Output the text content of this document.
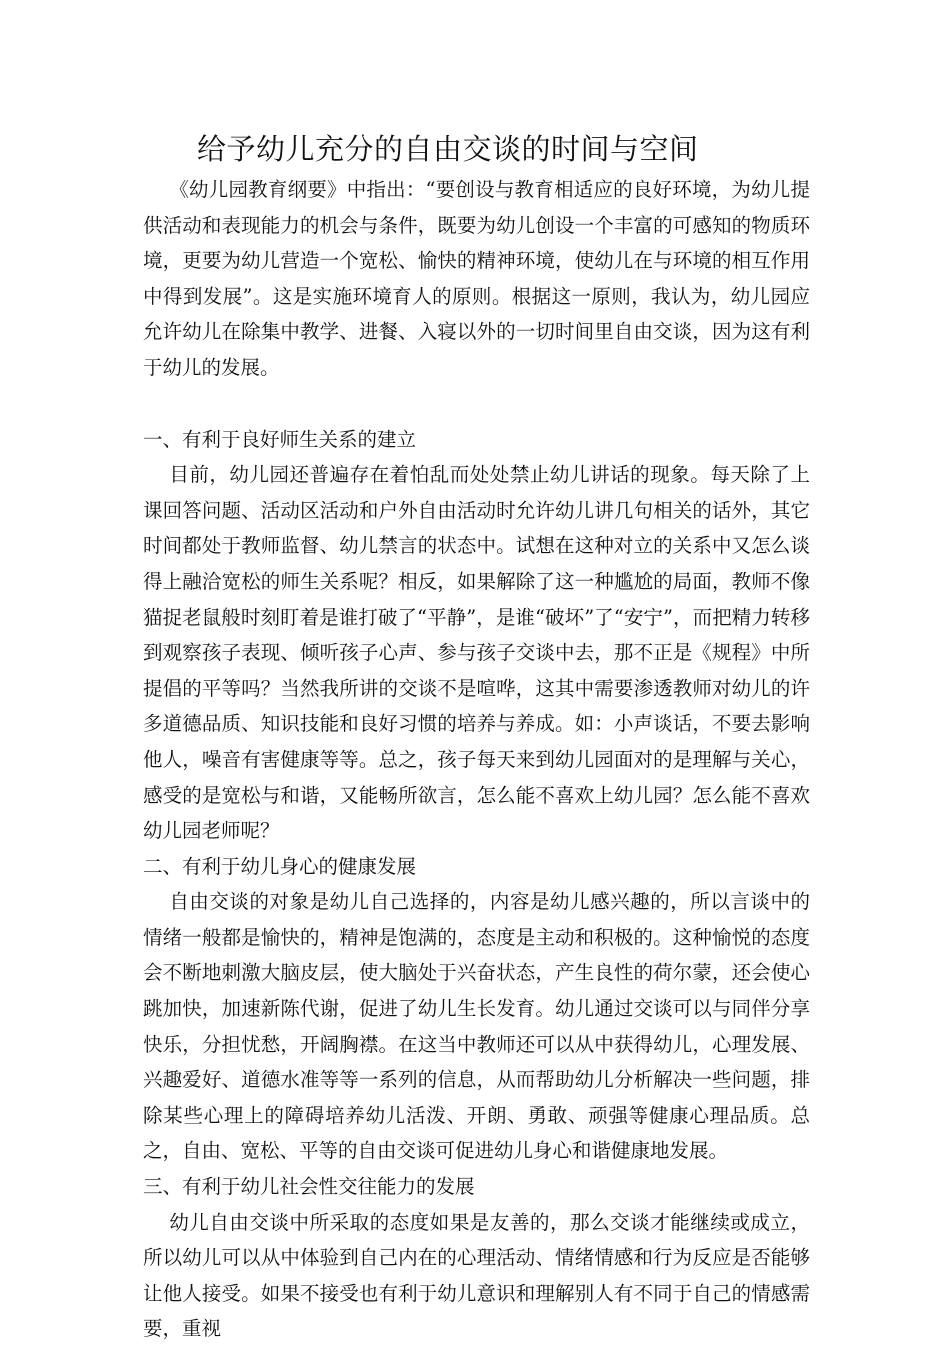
给予幼儿充分的自由交谈的时间与空间

《幼儿园教育纲要》中指出：“要创设与教育相适应的良好环境，为幼儿提供活动和表现能力的机会与条件，既要为幼儿创设一个丰富的可感知的物质环境，更要为幼儿营造一个宽松、愉快的精神环境，使幼儿在与环境的相互作用中得到发展”。这是实施环境育人的原则。根据这一原则，我认为，幼儿园应允许幼儿在除集中教学、进餐、入寝以外的一切时间里自由交谈，因为这有利于幼儿的发展。

一、有利于良好师生关系的建立

目前，幼儿园还普遍存在着怕乱而处处禁止幼儿讲话的现象。每天除了上课回答问题、活动区活动和户外自由活动时允许幼儿讲几句相关的话外，其它时间都处于教师监督、幼儿禁言的状态中。试想在这种对立的关系中又怎么谈得上融洽宽松的师生关系呢？相反，如果解除了这一种尴尬的局面，教师不像猫捉老鼠般时刻盯着是谁打破了“平静”，是谁“破坏”了“安宁”，而把精力转移到观察孩子表现、倾听孩子心声、参与孩子交谈中去，那不正是《规程》中所提倡的平等吗？当然我所讲的交谈不是喧哗，这其中需要渗透教师对幼儿的许多道德品质、知识技能和良好习惯的培养与养成。如：小声谈话，不要去影响他人，噪音有害健康等等。总之，孩子每天来到幼儿园面对的是理解与关心，感受的是宽松与和谐，又能畅所欲言，怎么能不喜欢上幼儿园？怎么能不喜欢幼儿园老师呢？

二、有利于幼儿身心的健康发展

自由交谈的对象是幼儿自己选择的，内容是幼儿感兴趣的，所以言谈中的情绪一般都是愉快的，精神是饱满的，态度是主动和积极的。这种愉悦的态度会不断地刺激大脑皮层，使大脑处于兴奋状态，产生良性的荷尔蒙，还会使心跳加快，加速新陈代谢，促进了幼儿生长发育。幼儿通过交谈可以与同伴分享快乐，分担忧愁，开阔胸襟。在这当中教师还可以从中获得幼儿，心理发展、兴趣爱好、道德水准等等一系列的信息，从而帮助幼儿分析解决一些问题，排除某些心理上的障碍培养幼儿活泼、开朗、勇敢、顽强等健康心理品质。总之，自由、宽松、平等的自由交谈可促进幼儿身心和谐健康地发展。

三、有利于幼儿社会性交往能力的发展

幼儿自由交谈中所采取的态度如果是友善的，那么交谈才能继续或成立，所以幼儿可以从中体验到自己内在的心理活动、情绪情感和行为反应是否能够让他人接受。如果不接受也有利于幼儿意识和理解别人有不同于自己的情感需要，重视
